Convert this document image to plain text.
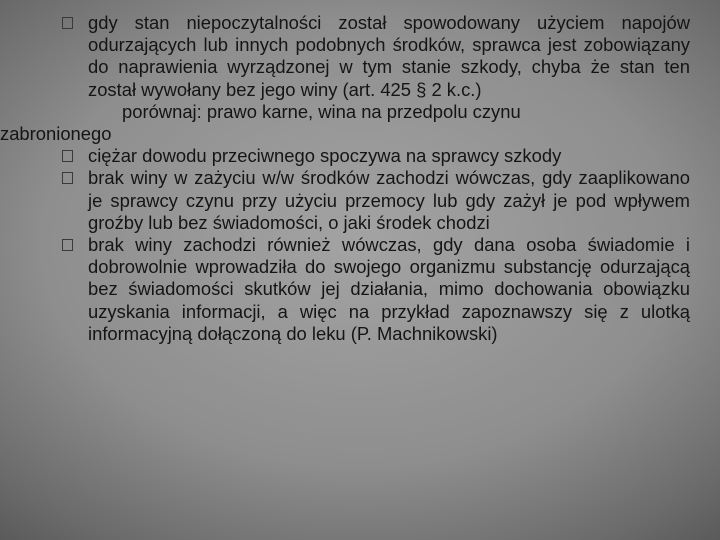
gdy stan niepoczytalności został spowodowany użyciem napojów odurzających lub innych podobnych środków, sprawca jest zobowiązany do naprawienia wyrządzonej w tym stanie szkody, chyba że stan ten został wywołany bez jego winy (art. 425 § 2 k.c.)
porównaj: prawo karne, wina na przedpolu czynu
zabronionego
ciężar dowodu przeciwnego spoczywa na sprawcy szkody
brak winy w zażyciu w/w środków zachodzi wówczas, gdy zaaplikowano je sprawcy czynu przy użyciu przemocy lub gdy zażył je pod wpływem groźby lub bez świadomości, o jaki środek chodzi
brak winy zachodzi również wówczas, gdy dana osoba świadomie i dobrowolnie wprowadziła do swojego organizmu substancję odurzającą bez świadomości skutków jej działania, mimo dochowania obowiązku uzyskania informacji, a więc na przykład zapoznawszy się z ulotką informacyjną dołączoną do leku (P. Machnikowski)
